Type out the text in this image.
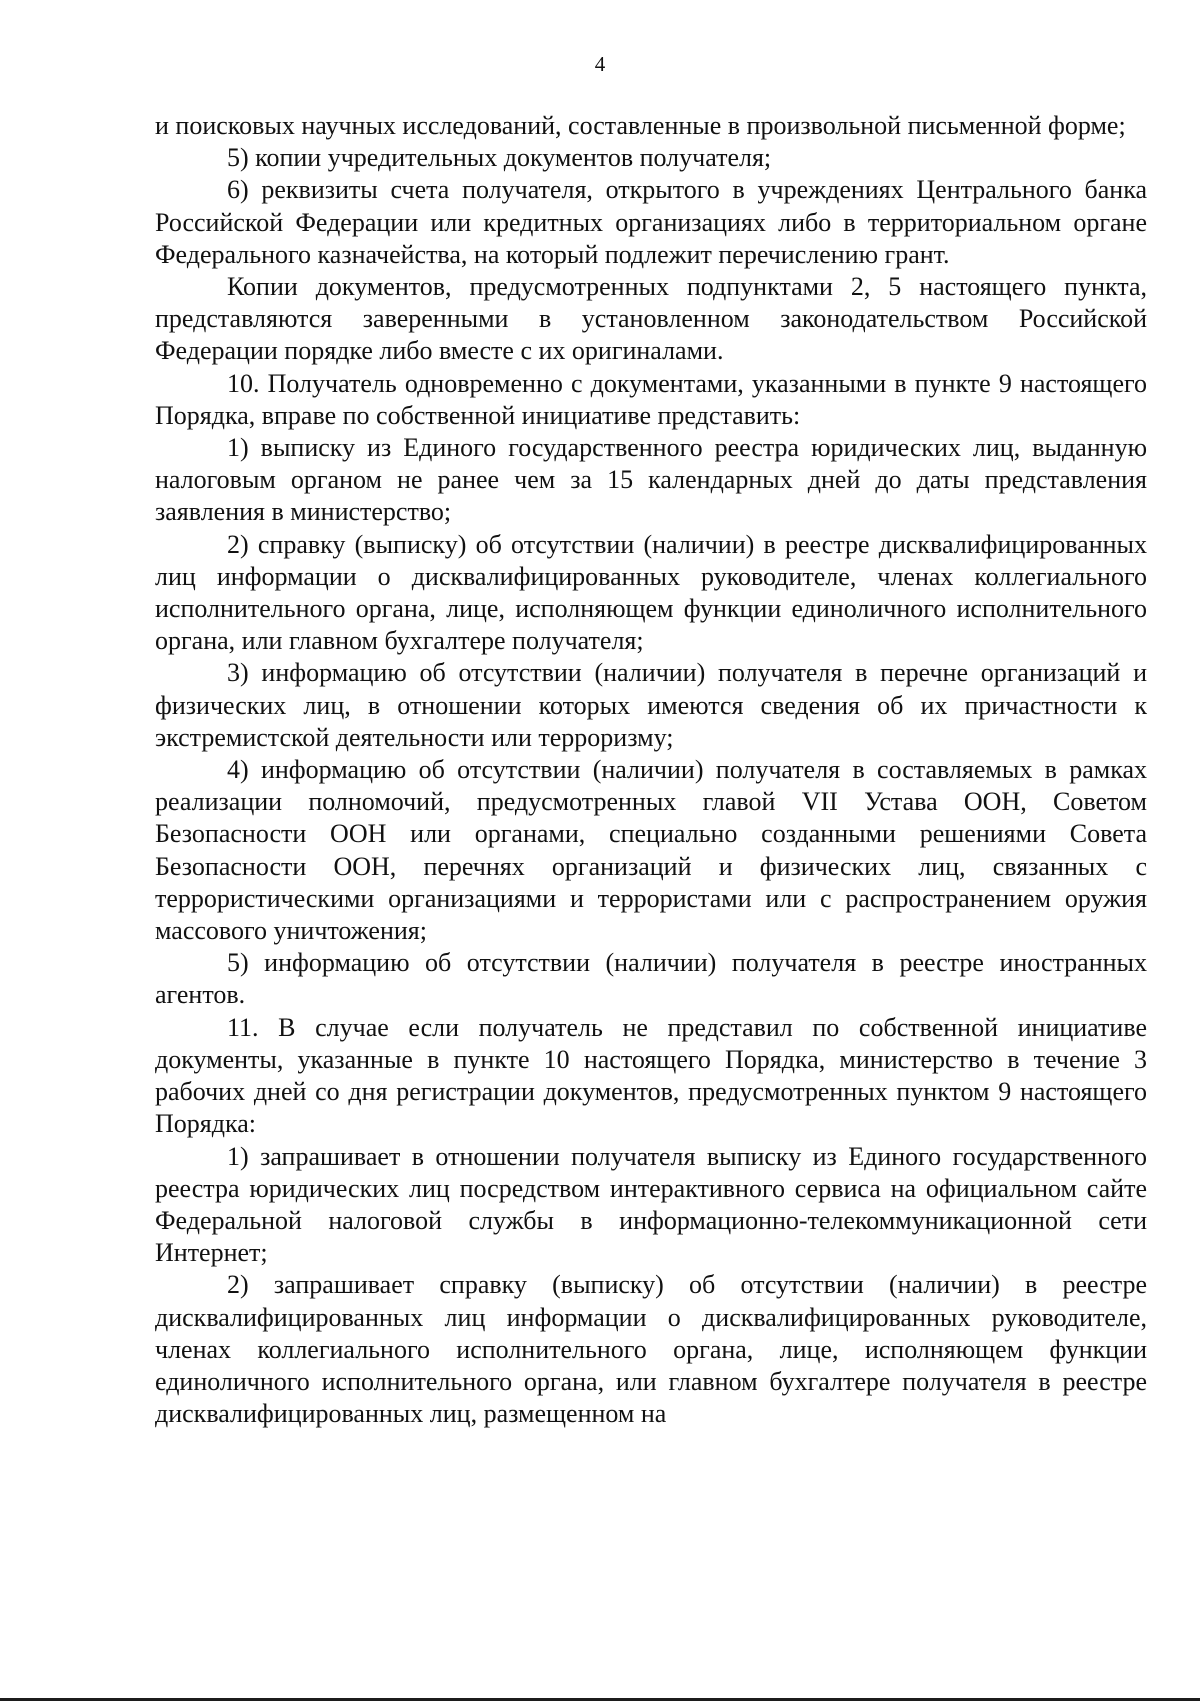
4

и поисковых научных исследований, составленные в произвольной письменной форме;

5) копии учредительных документов получателя;

6) реквизиты счета получателя, открытого в учреждениях Центрального банка Российской Федерации или кредитных организациях либо в территориальном органе Федерального казначейства, на который подлежит перечислению грант.

Копии документов, предусмотренных подпунктами 2, 5 настоящего пункта, представляются заверенными в установленном законодательством Российской Федерации порядке либо вместе с их оригиналами.

10. Получатель одновременно с документами, указанными в пункте 9 настоящего Порядка, вправе по собственной инициативе представить:

1) выписку из Единого государственного реестра юридических лиц, выданную налоговым органом не ранее чем за 15 календарных дней до даты представления заявления в министерство;

2) справку (выписку) об отсутствии (наличии) в реестре дисквалифицированных лиц информации о дисквалифицированных руководителе, членах коллегиального исполнительного органа, лице, исполняющем функции единоличного исполнительного органа, или главном бухгалтере получателя;

3) информацию об отсутствии (наличии) получателя в перечне организаций и физических лиц, в отношении которых имеются сведения об их причастности к экстремистской деятельности или терроризму;

4) информацию об отсутствии (наличии) получателя в составляемых в рамках реализации полномочий, предусмотренных главой VII Устава ООН, Советом Безопасности ООН или органами, специально созданными решениями Совета Безопасности ООН, перечнях организаций и физических лиц, связанных с террористическими организациями и террористами или с распространением оружия массового уничтожения;

5) информацию об отсутствии (наличии) получателя в реестре иностранных агентов.

11. В случае если получатель не представил по собственной инициативе документы, указанные в пункте 10 настоящего Порядка, министерство в течение 3 рабочих дней со дня регистрации документов, предусмотренных пунктом 9 настоящего Порядка:

1) запрашивает в отношении получателя выписку из Единого государственного реестра юридических лиц посредством интерактивного сервиса на официальном сайте Федеральной налоговой службы в информационно-телекоммуникационной сети Интернет;

2) запрашивает справку (выписку) об отсутствии (наличии) в реестре дисквалифицированных лиц информации о дисквалифицированных руководителе, членах коллегиального исполнительного органа, лице, исполняющем функции единоличного исполнительного органа, или главном бухгалтере получателя в реестре дисквалифицированных лиц, размещенном на
